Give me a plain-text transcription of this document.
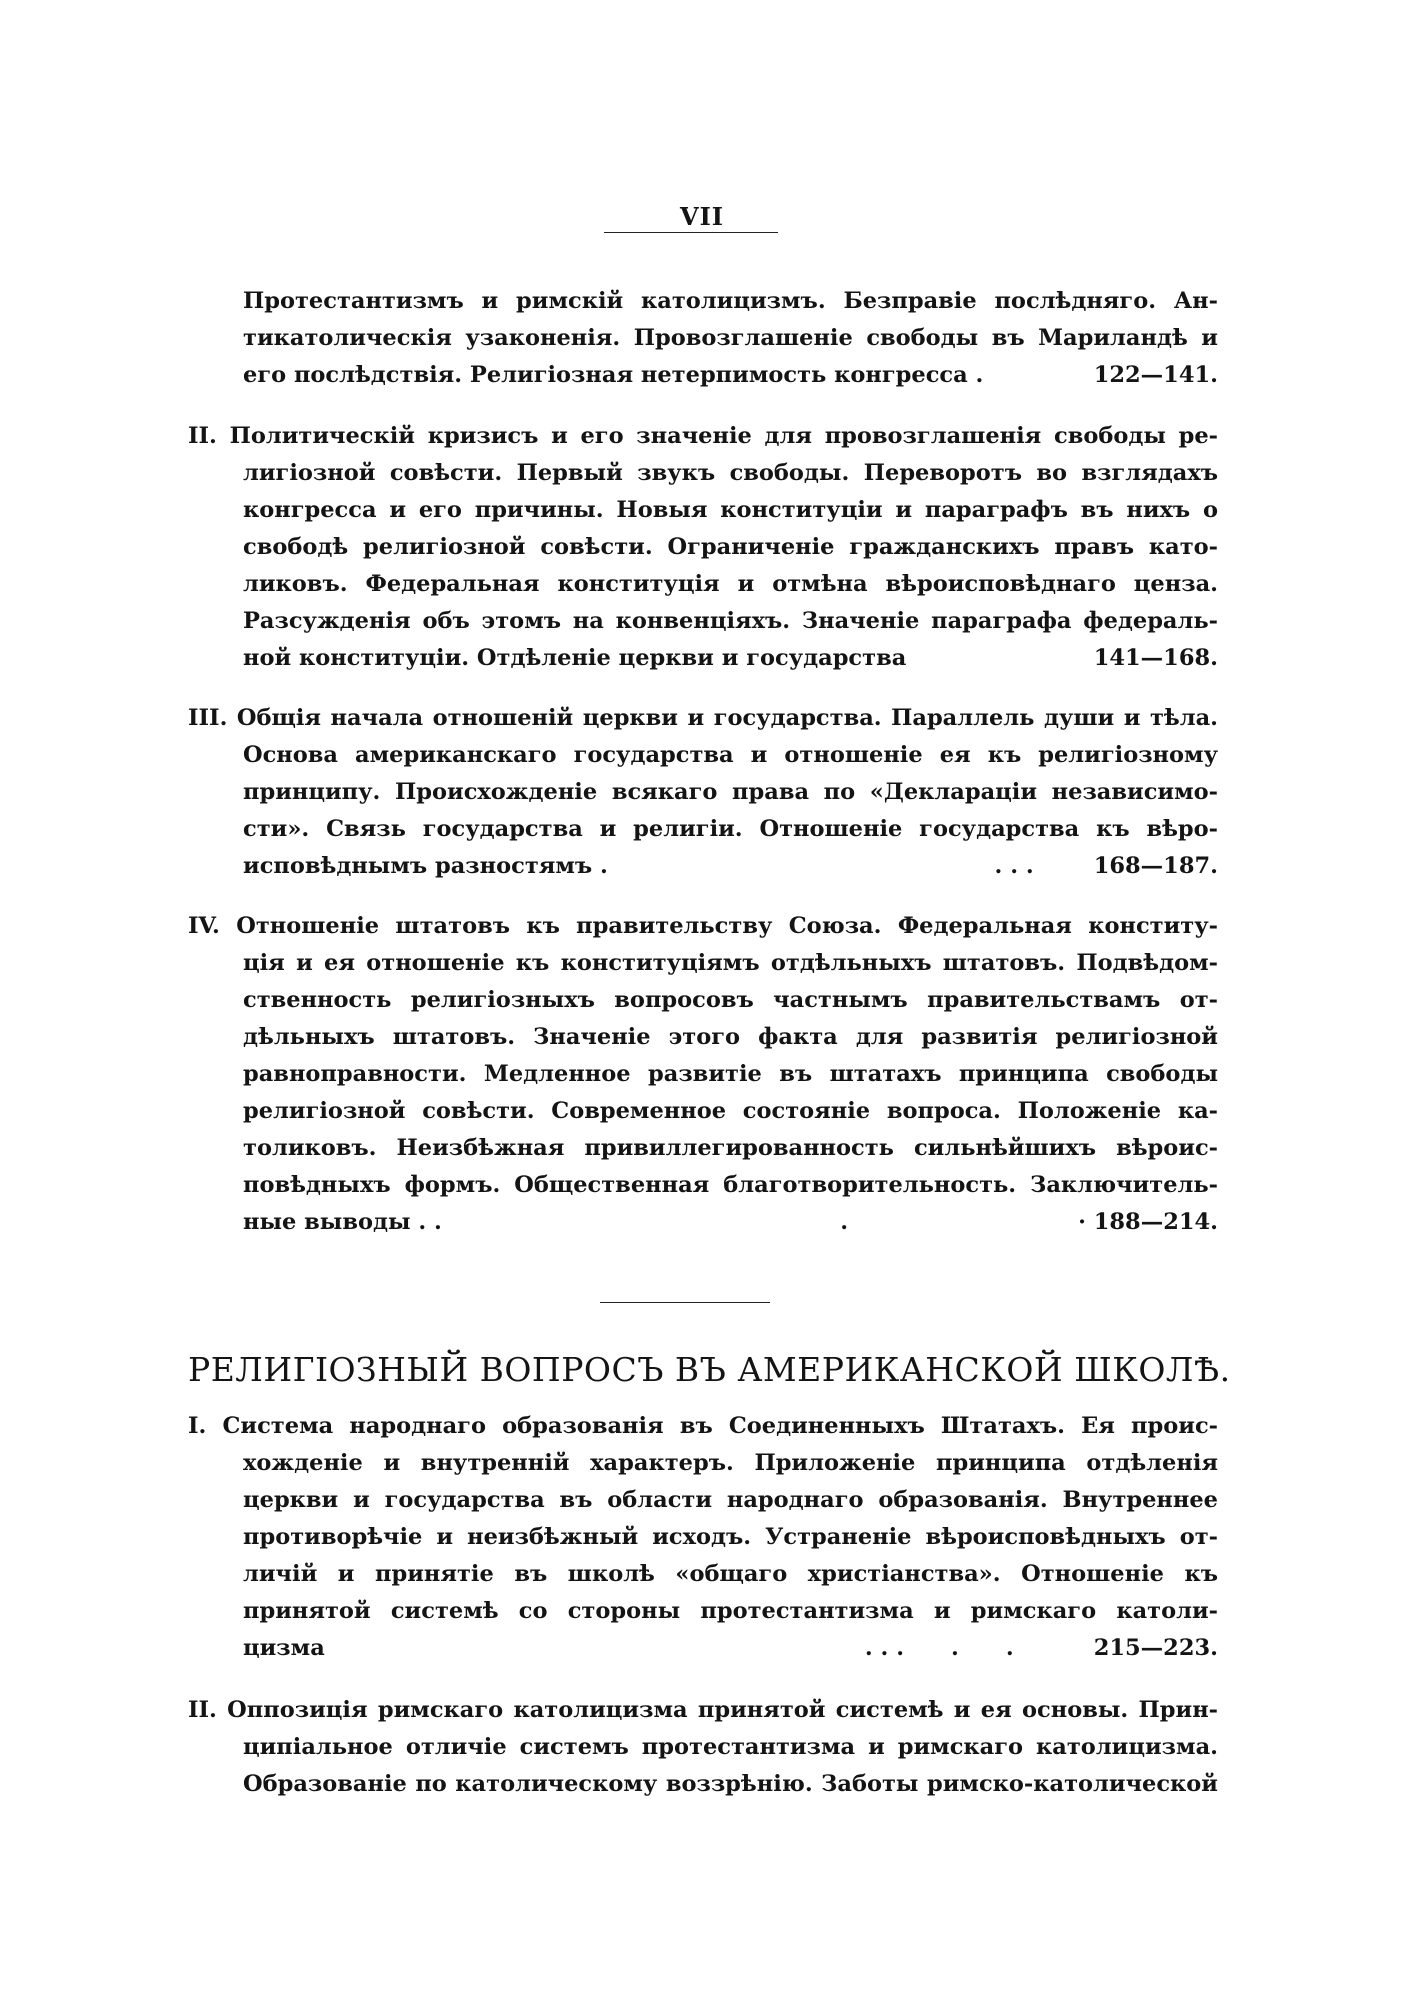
VII
Протестантизмъ и римскій католицизмъ. Безправіе послѣдняго. Ан-
тикатолическія узаконенія. Провозглашеніе свободы въ Мариландѣ и
его послѣдствія. Религіозная нетерпимость конгресса .	122—141.
II. Политическій кризисъ и его значеніе для провозглашенія свободы ре-
лигіозной совѣсти. Первый звукъ свободы. Переворотъ во взглядахъ
конгресса и его причины. Новыя конституціи и параграфъ въ нихъ о
свободѣ религіозной совѣсти. Ограниченіе гражданскихъ правъ като-
ликовъ. Федеральная конституція и отмѣна вѣроисповѣднаго ценза.
Разсужденія объ этомъ на конвенціяхъ. Значеніе параграфа федераль-
ной конституціи. Отдѣленіе церкви и государства	141—168.
III. Общія начала отношеній церкви и государства. Параллель души и тѣла.
Основа американскаго государства и отношеніе ея къ религіозному
принципу. Происхожденіе всякаго права по «Декларацiи независимо-
сти». Связь государства и религіи. Отношеніе государства къ вѣро-
исповѣднымъ разностямъ .	. . .	168—187.
IV. Отношеніе штатовъ къ правительству Союза. Федеральная конститу-
ція и ея отношеніе къ конституціямъ отдѣльныхъ штатовъ. Подвѣдом-
ственность религіозныхъ вопросовъ частнымъ правительствамъ от-
дѣльныхъ штатовъ. Значеніе этого факта для развитія религіозной
равноправности. Медленное развитіе въ штатахъ принципа свободы
религіозной совѣсти. Современное состояніе вопроса. Положеніе ка-
толиковъ. Неизбѣжная привиллегированность сильнѣйшихъ вѣроис-
повѣдныхъ формъ. Общественная благотворительность. Заключитель-
ные выводы . .	.	· 188—214.
РЕЛИГІОЗНЫЙ ВОПРОСЪ ВЪ АМЕРИКАНСКОЙ ШКОЛѢ.
I. Система народнаго образованія въ Соединенныхъ Штатахъ. Ея проис-
хожденіе и внутренній характеръ. Приложеніе принципа отдѣленія
церкви и государства въ области народнаго образованія. Внутреннее
противорѣчіе и неизбѣжный исходъ. Устраненіе вѣроисповѣдныхъ от-
личій и принятіе въ школѣ «общаго христіанства». Отношеніе къ
принятой системѣ со стороны протестантизма и римскаго католи-
цизма	. . .      .      .	215—223.
II. Оппозиція римскаго католицизма принятой системѣ и ея основы. Прин-
ципіальное отличіе системъ протестантизма и римскаго католицизма.
Образованіе по католическому воззрѣнію. Заботы римско-католической
